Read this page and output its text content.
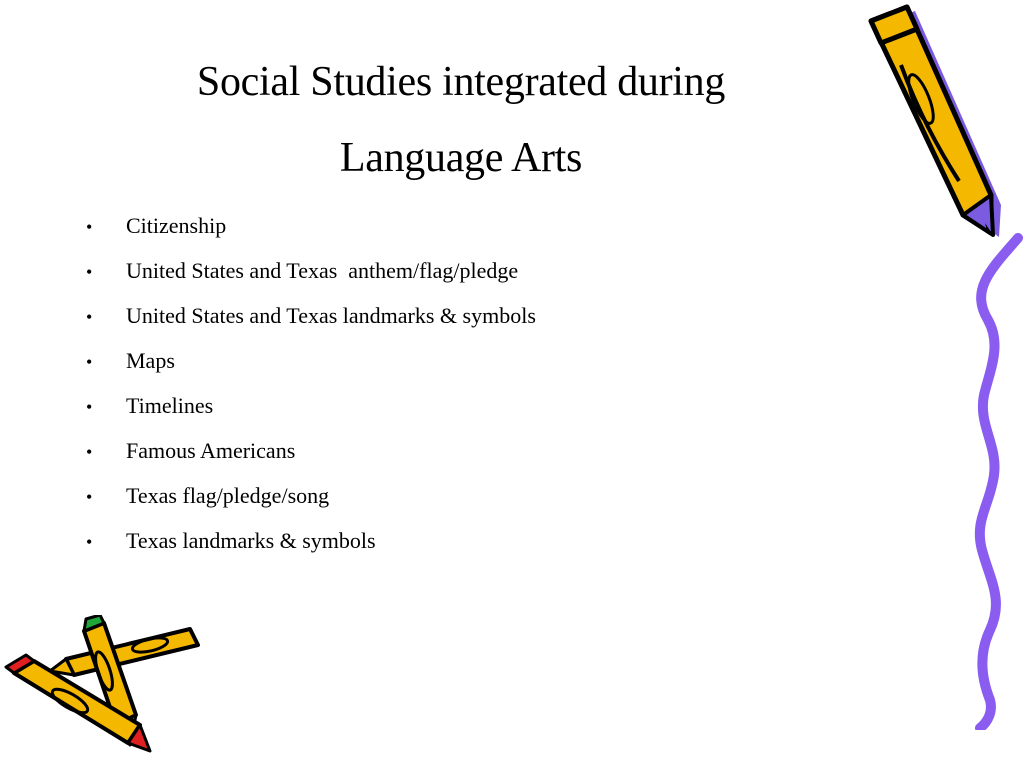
Social Studies integrated during
Language Arts
• Citizenship
• United States and Texas  anthem/flag/pledge
• United States and Texas landmarks & symbols
• Maps
• Timelines
• Famous Americans
• Texas flag/pledge/song
• Texas landmarks & symbols
